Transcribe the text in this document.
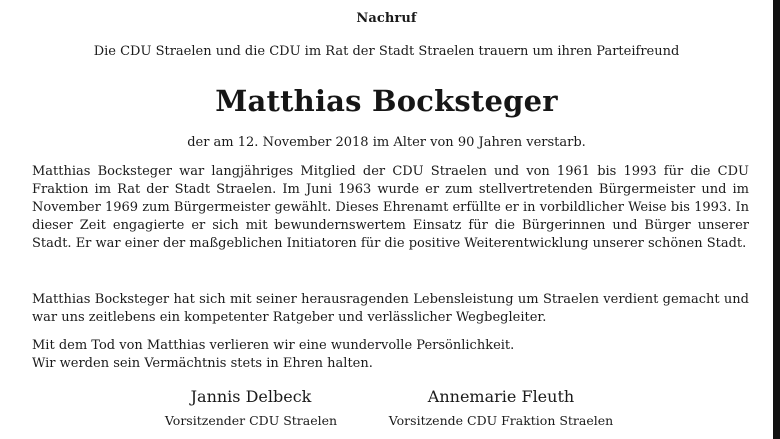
Nachruf
Die CDU Straelen und die CDU im Rat der Stadt Straelen trauern um ihren Parteifreund
Matthias Bocksteger
der am 12. November 2018 im Alter von 90 Jahren verstarb.

Matthias Bocksteger war langjähriges Mitglied der CDU Straelen und von 1961 bis 1993 für die CDU Fraktion im Rat der Stadt Straelen. Im Juni 1963 wurde er zum stellvertretenden Bürgermeister und im November 1969 zum Bürgermeister gewählt. Dieses Ehrenamt erfüllte er in vorbildlicher Weise bis 1993. In dieser Zeit engagierte er sich mit bewundernswertem Einsatz für die Bürgerinnen und Bürger unserer Stadt. Er war einer der maßgeblichen Initiatoren für die positive Weiterentwicklung unserer schönen Stadt.

Matthias Bocksteger hat sich mit seiner herausragenden Lebensleistung um Straelen verdient gemacht und war uns zeitlebens ein kompetenter Ratgeber und verlässlicher Wegbegleiter.

Mit dem Tod von Matthias verlieren wir eine wundervolle Persönlichkeit.
Wir werden sein Vermächtnis stets in Ehren halten.

Jannis Delbeck
Vorsitzender CDU Straelen
Annemarie Fleuth
Vorsitzende CDU Fraktion Straelen
